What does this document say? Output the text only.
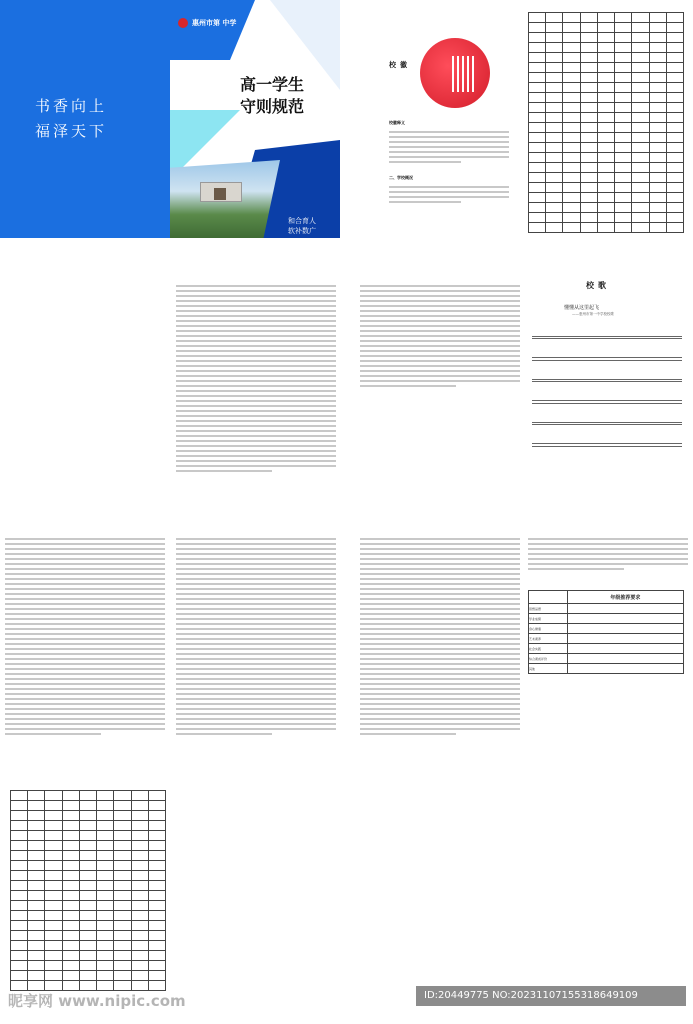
惠州市第 中学
高一学生
守则规范
和合育人
软补数广
书香向上
福泽天下
校徽
校徽释义
二、学校概况

校歌
懂懂从这里起飞
——惠州市第一中学校校歌
	年级推荐要求
思想品德	
学业成绩	
身心健康	
艺术素养	
社会实践	
综合素质评价	
其他	

昵享网 www.nipic.com	ID:20449775 NO:20231107155318649109
